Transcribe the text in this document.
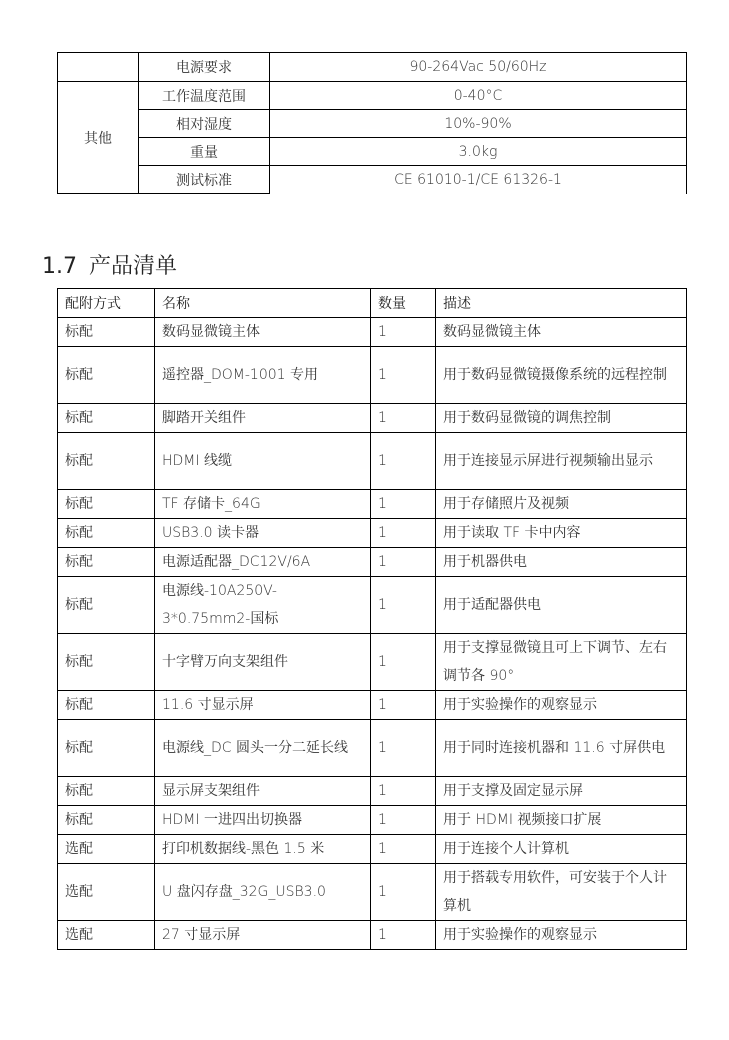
	电源要求	90-264Vac 50/60Hz
其他	工作温度范围	0-40°C
	相对湿度	10%-90%
	重量	3.0kg
	测试标准	CE 61010-1/CE 61326-1
1.7 产品清单
配附方式	名称	数量	描述
标配	数码显微镜主体	1	数码显微镜主体
标配	遥控器_DOM-1001 专用	1	用于数码显微镜摄像系统的远程控制
标配	脚踏开关组件	1	用于数码显微镜的调焦控制
标配	HDMI 线缆	1	用于连接显示屏进行视频输出显示
标配	TF 存储卡_64G	1	用于存储照片及视频
标配	USB3.0 读卡器	1	用于读取 TF 卡中内容
标配	电源适配器_DC12V/6A	1	用于机器供电
标配	电源线-10A250V-3*0.75mm2-国标	1	用于适配器供电
标配	十字臂万向支架组件	1	用于支撑显微镜且可上下调节、左右调节各 90°
标配	11.6 寸显示屏	1	用于实验操作的观察显示
标配	电源线_DC 圆头一分二延长线	1	用于同时连接机器和 11.6 寸屏供电
标配	显示屏支架组件	1	用于支撑及固定显示屏
标配	HDMI 一进四出切换器	1	用于 HDMI 视频接口扩展
选配	打印机数据线-黑色 1.5 米	1	用于连接个人计算机
选配	U 盘闪存盘_32G_USB3.0	1	用于搭载专用软件，可安装于个人计算机
选配	27 寸显示屏	1	用于实验操作的观察显示
